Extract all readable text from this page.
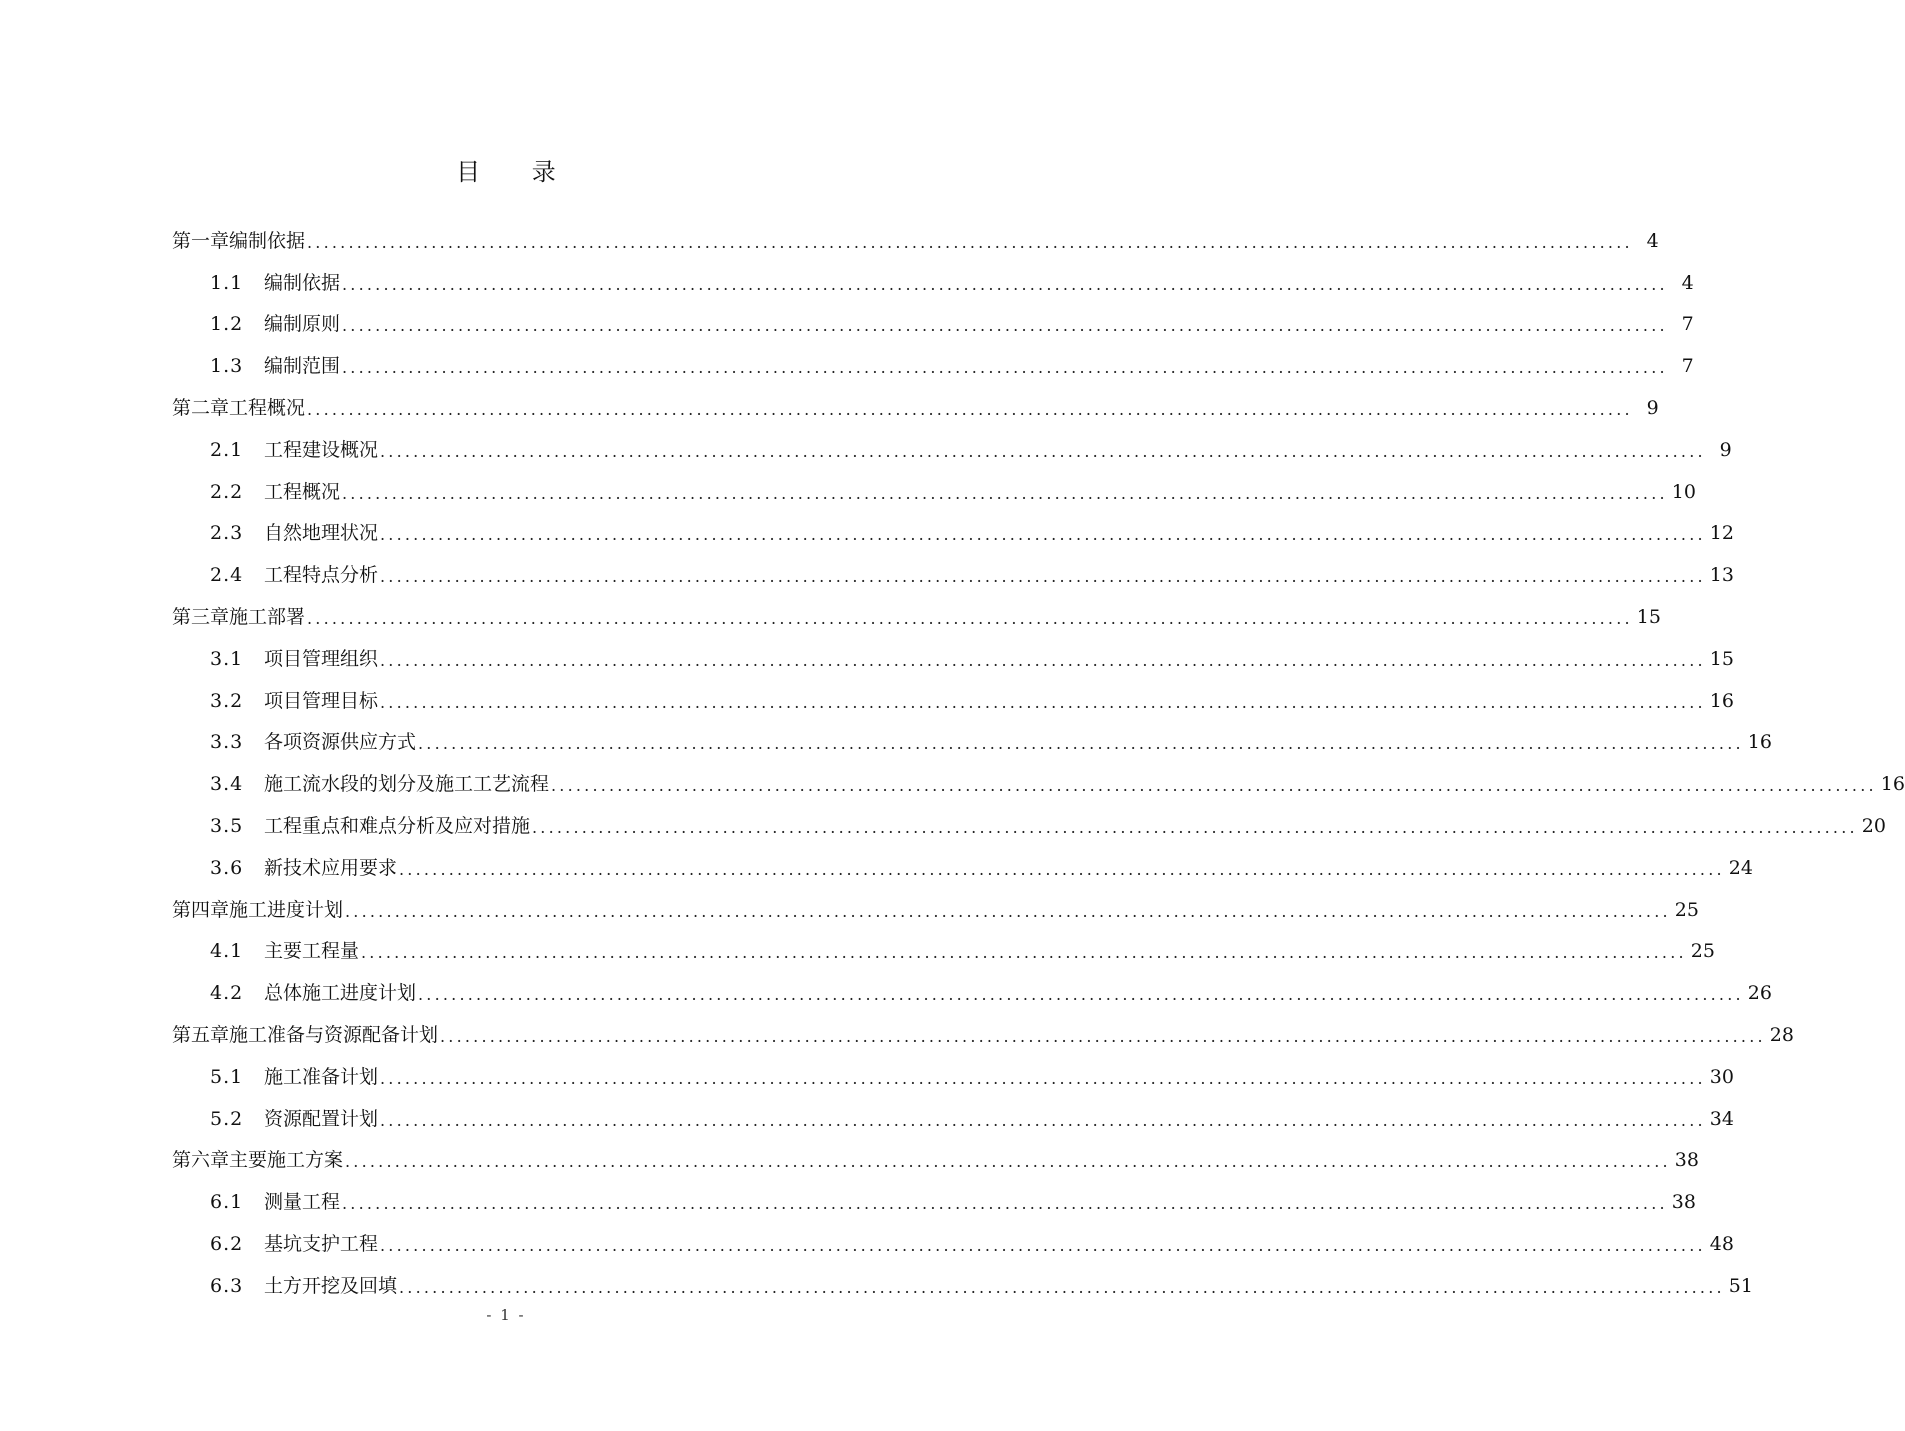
目 录
第一章编制依据 ................................................................................................................................................................ 4
1.1	编制依据 ................................................................................................................................................................ 4
1.2	编制原则 ................................................................................................................................................................ 7
1.3	编制范围 ................................................................................................................................................................ 7
第二章工程概况 ................................................................................................................................................................ 9
2.1	工程建设概况 ................................................................................................................................................................ 9
2.2	工程概况 ................................................................................................................................................................ 10
2.3	自然地理状况 ................................................................................................................................................................ 12
2.4	工程特点分析 ................................................................................................................................................................ 13
第三章施工部署 ................................................................................................................................................................ 15
3.1	项目管理组织 ................................................................................................................................................................ 15
3.2	项目管理目标 ................................................................................................................................................................ 16
3.3	各项资源供应方式 ................................................................................................................................................................ 16
3.4	施工流水段的划分及施工工艺流程 ................................................................................................................................................................ 16
3.5	工程重点和难点分析及应对措施 ................................................................................................................................................................ 20
3.6	新技术应用要求 ................................................................................................................................................................ 24
第四章施工进度计划 ................................................................................................................................................................ 25
4.1	主要工程量 ................................................................................................................................................................ 25
4.2	总体施工进度计划 ................................................................................................................................................................ 26
第五章施工准备与资源配备计划 ................................................................................................................................................................ 28
5.1	施工准备计划 ................................................................................................................................................................ 30
5.2	资源配置计划 ................................................................................................................................................................ 34
第六章主要施工方案 ................................................................................................................................................................ 38
6.1	测量工程 ................................................................................................................................................................ 38
6.2	基坑支护工程 ................................................................................................................................................................ 48
6.3	土方开挖及回填 ................................................................................................................................................................ 51
- 1 -
